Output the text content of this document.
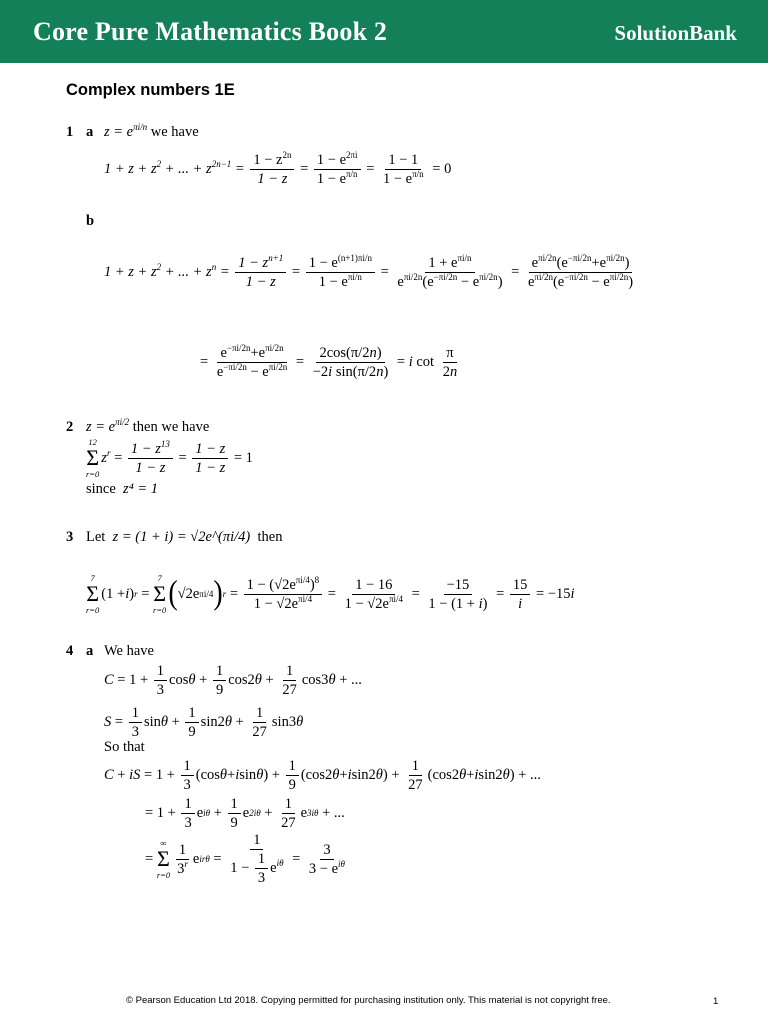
Core Pure Mathematics Book 2	SolutionBank
Complex numbers 1E
1 a $z = e^{\pi i/n}$ we have
$1 + z + z^2$ + ... + $z^{2n-1} = \frac{1 - z^{2n}}{1 - z} = \frac{1 - e^{2\pi i}}{1 - e^{\pi/n}} = \frac{1 - 1}{1 - e^{\pi/n}} = 0$
b
$1 + z + z^2$ + ... + $z^n = \frac{1 - z^{n+1}}{1 - z} = \frac{1 - e^{(n+1)\pi i/n}}{1 - e^{\pi i/n}} = \frac{1 + e^{\pi i/n}}{e^{\pi i/2n}(e^{-\pi i/2n} - e^{\pi i/2n})} = \frac{e^{\pi i/2n}(e^{-\pi i/2n}+e^{\pi i/2n})}{e^{\pi i/2n}(e^{-\pi i/2n} - e^{\pi i/2n})}$
= $\frac{e^{-\pi i/2n}+e^{\pi i/2n}}{e^{-\pi i/2n} - e^{\pi i/2n}} = \frac{2\cos(\pi/2n)}{\text{−2i sin(π/2n)}} = i$ $\cot \frac{\pi}{2n}$
2 $z = e^{\pi i/2}$ then we have
12
Σ
r=0
$z^r = \frac{1 - z^{13}}{1 - z} = \frac{1 - z}{1 - z} = 1$
since z⁴ = 1
3 Let z = (1 + i) = √2e^(πi/4) then
7
Σ
r=0
(1 + i ) r =
7
Σ
r=0 ( √2e πi/4 ) $r = \frac{1 - (√2e^{\pi i/4})^8}{1 - √2e^{\pi i/4}} = \frac{1 - 16}{1 - √2e^{\pi i/4}} = \frac{-15}{1 - (1 + i)} = \frac{15}{i} = -15$ i
4 a We have
$C = 1 + \frac{1}{3}$ $\cos \theta + \frac{1}{9} \cos 2$ $\theta + \frac{1}{27} \cos 3$ θ + ...
$S = \frac{1}{3}$ $\sin \theta + \frac{1}{9} \sin 2$ $\theta + \frac{1}{27} \sin 3$ θ
So that
C + iS = $1 + \frac{1}{3} (\cos$ θ + i sin θ ) + $\frac{1}{9} (\cos 2$ θ + i sin2 θ ) + $\frac{1}{27} (\cos 2$ θ + i sin2 θ ) + ...
= $1 + \frac{1}{3}$ e $i\theta + \frac{1}{9}$ e $2i\theta + \frac{1}{27}$ e 3iθ + ...
=
∞
Σ
$r=0 \frac{1}{3^r}$ e $ir\theta = \frac{1}{1 - \frac{1}{3} e^{i\theta}} = \frac{3}{3 - e^{i\theta}}$
© Pearson Education Ltd 2018. Copying permitted for purchasing institution only. This material is not copyright free.	1
